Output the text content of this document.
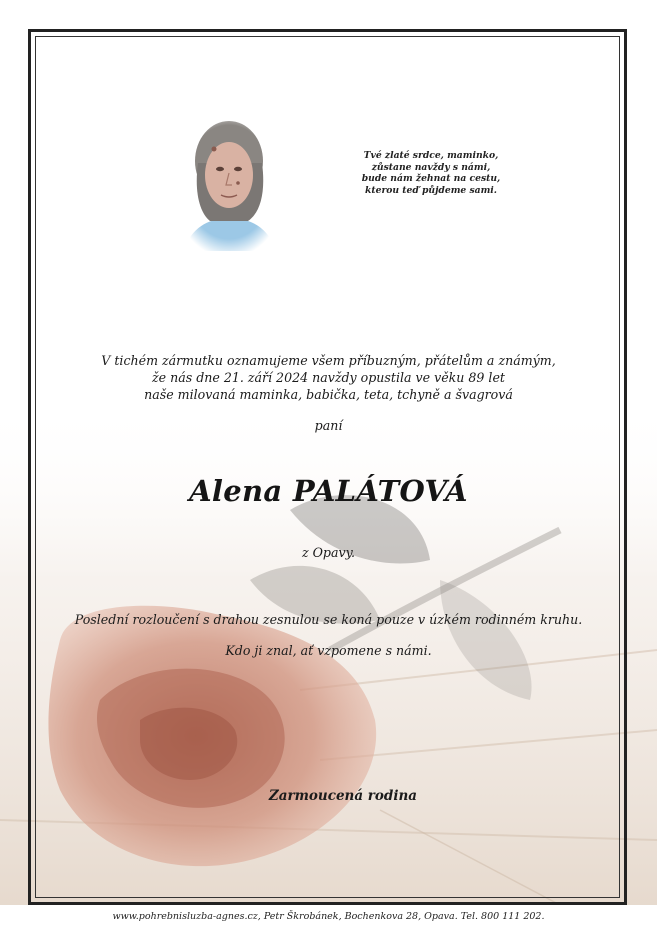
Tvé zlaté srdce, maminko,
zůstane navždy s námi,
bude nám žehnat na cestu,
kterou teď půjdeme sami.
V tichém zármutku oznamujeme všem příbuzným, přátelům a známým,
že nás dne 21. září 2024 navždy opustila ve věku 89 let
naše milovaná maminka, babička, teta, tchyně a švagrová
paní
Alena PALÁTOVÁ
z Opavy.
Poslední rozloučení s drahou zesnulou se koná pouze v úzkém rodinném kruhu.
Kdo ji znal, ať vzpomene s námi.
Zarmoucená rodina
www.pohrebnisluzba-agnes.cz, Petr Škrobánek, Bochenkova 28, Opava. Tel. 800 111 202.
